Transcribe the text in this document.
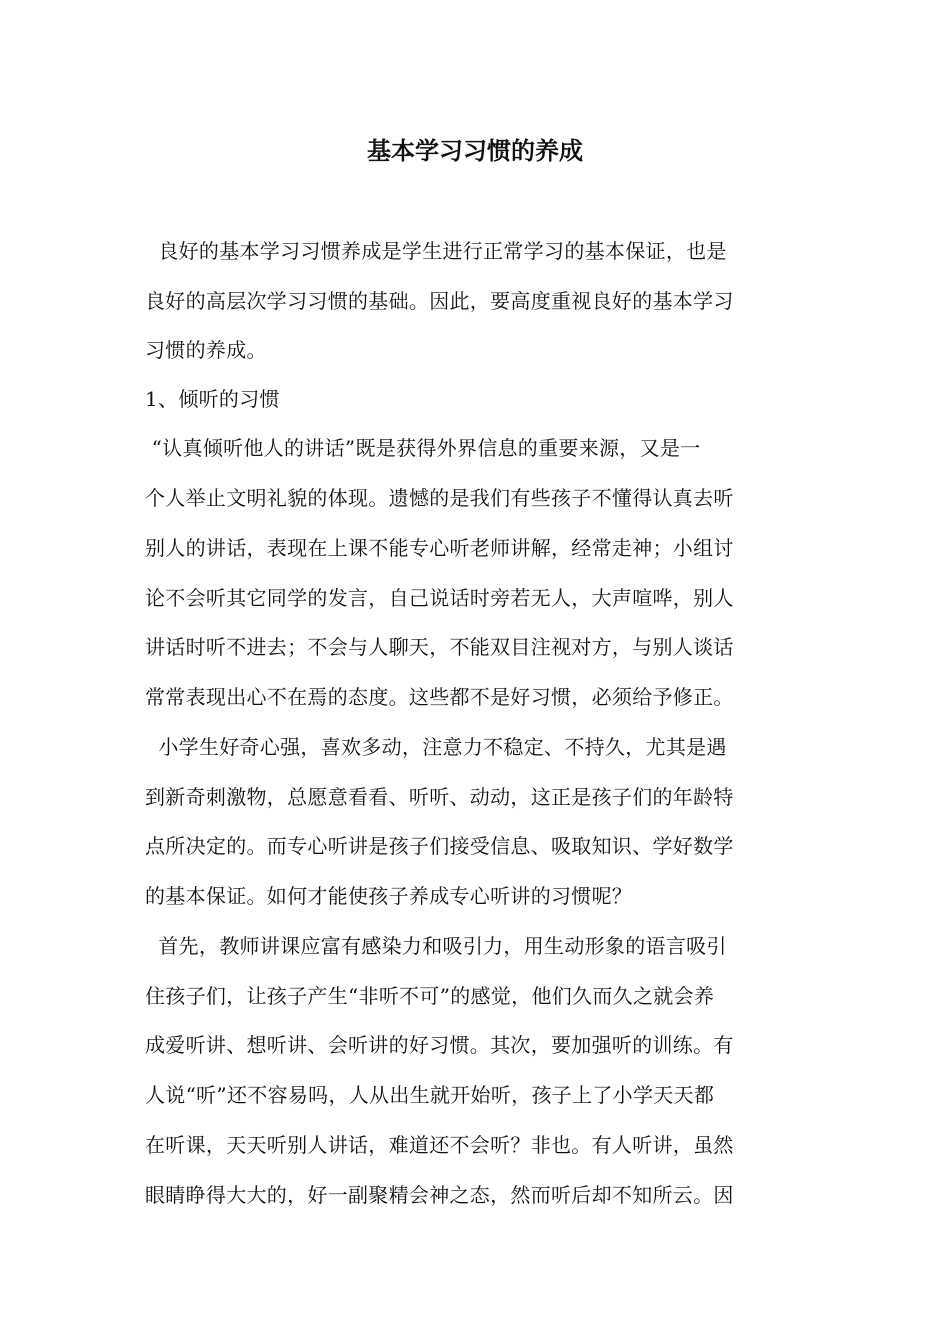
基本学习习惯的养成
良好的基本学习习惯养成是学生进行正常学习的基本保证，也是
良好的高层次学习习惯的基础。因此，要高度重视良好的基本学习
习惯的养成。
1、倾听的习惯
“认真倾听他人的讲话”既是获得外界信息的重要来源，又是一
个人举止文明礼貌的体现。遗憾的是我们有些孩子不懂得认真去听
别人的讲话，表现在上课不能专心听老师讲解，经常走神；小组讨
论不会听其它同学的发言，自己说话时旁若无人，大声喧哗，别人
讲话时听不进去；不会与人聊天，不能双目注视对方，与别人谈话
常常表现出心不在焉的态度。这些都不是好习惯，必须给予修正。
小学生好奇心强，喜欢多动，注意力不稳定、不持久，尤其是遇
到新奇刺激物，总愿意看看、听听、动动，这正是孩子们的年龄特
点所决定的。而专心听讲是孩子们接受信息、吸取知识、学好数学
的基本保证。如何才能使孩子养成专心听讲的习惯呢？
首先，教师讲课应富有感染力和吸引力，用生动形象的语言吸引
住孩子们，让孩子产生“非听不可”的感觉，他们久而久之就会养
成爱听讲、想听讲、会听讲的好习惯。其次，要加强听的训练。有
人说“听”还不容易吗，人从出生就开始听，孩子上了小学天天都
在听课，天天听别人讲话，难道还不会听？非也。有人听讲，虽然
眼睛睁得大大的，好一副聚精会神之态，然而听后却不知所云。因
